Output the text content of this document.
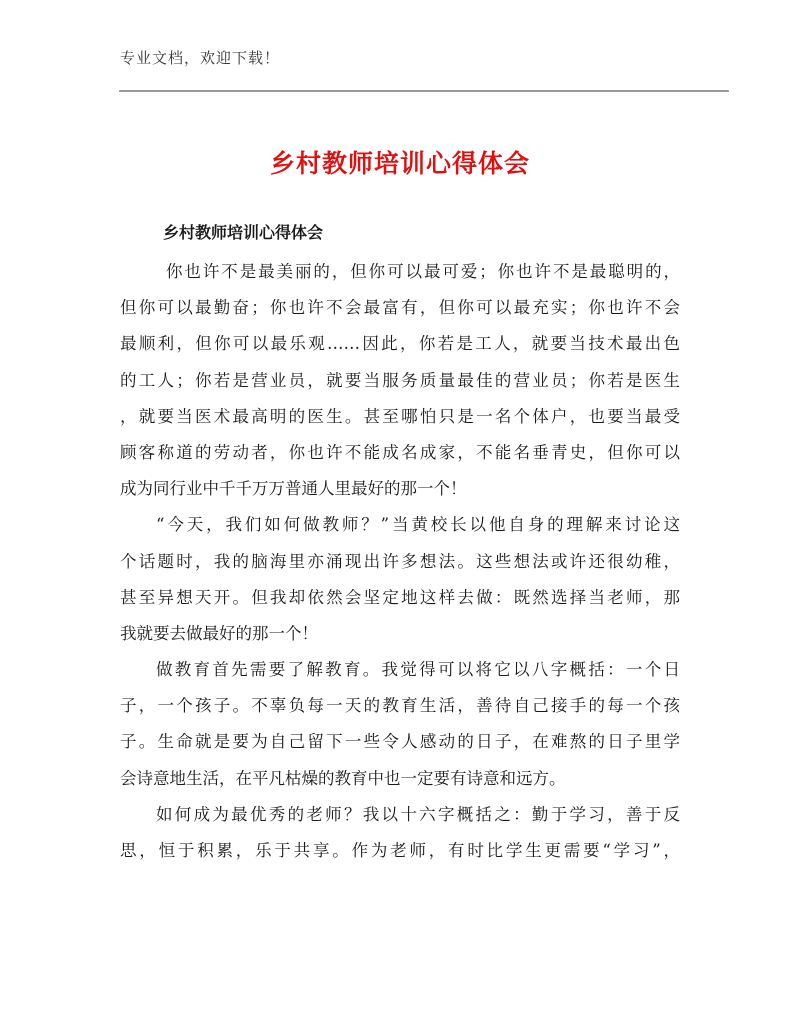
专业文档，欢迎下载！
乡村教师培训心得体会
乡村教师培训心得体会
你也许不是最美丽的，但你可以最可爱；你也许不是最聪明的，
但你可以最勤奋；你也许不会最富有，但你可以最充实；你也许不会
最顺利，但你可以最乐观……因此，你若是工人，就要当技术最出色
的工人；你若是营业员，就要当服务质量最佳的营业员；你若是医生
，就要当医术最高明的医生。甚至哪怕只是一名个体户，也要当最受
顾客称道的劳动者，你也许不能成名成家，不能名垂青史，但你可以
成为同行业中千千万万普通人里最好的那一个！
“今天，我们如何做教师？”当黄校长以他自身的理解来讨论这
个话题时，我的脑海里亦涌现出许多想法。这些想法或许还很幼稚，
甚至异想天开。但我却依然会坚定地这样去做：既然选择当老师，那
我就要去做最好的那一个！
做教育首先需要了解教育。我觉得可以将它以八字概括：一个日
子，一个孩子。不辜负每一天的教育生活，善待自己接手的每一个孩
子。生命就是要为自己留下一些令人感动的日子，在难熬的日子里学
会诗意地生活，在平凡枯燥的教育中也一定要有诗意和远方。
如何成为最优秀的老师？我以十六字概括之：勤于学习，善于反
思，恒于积累，乐于共享。作为老师，有时比学生更需要“学习”，
